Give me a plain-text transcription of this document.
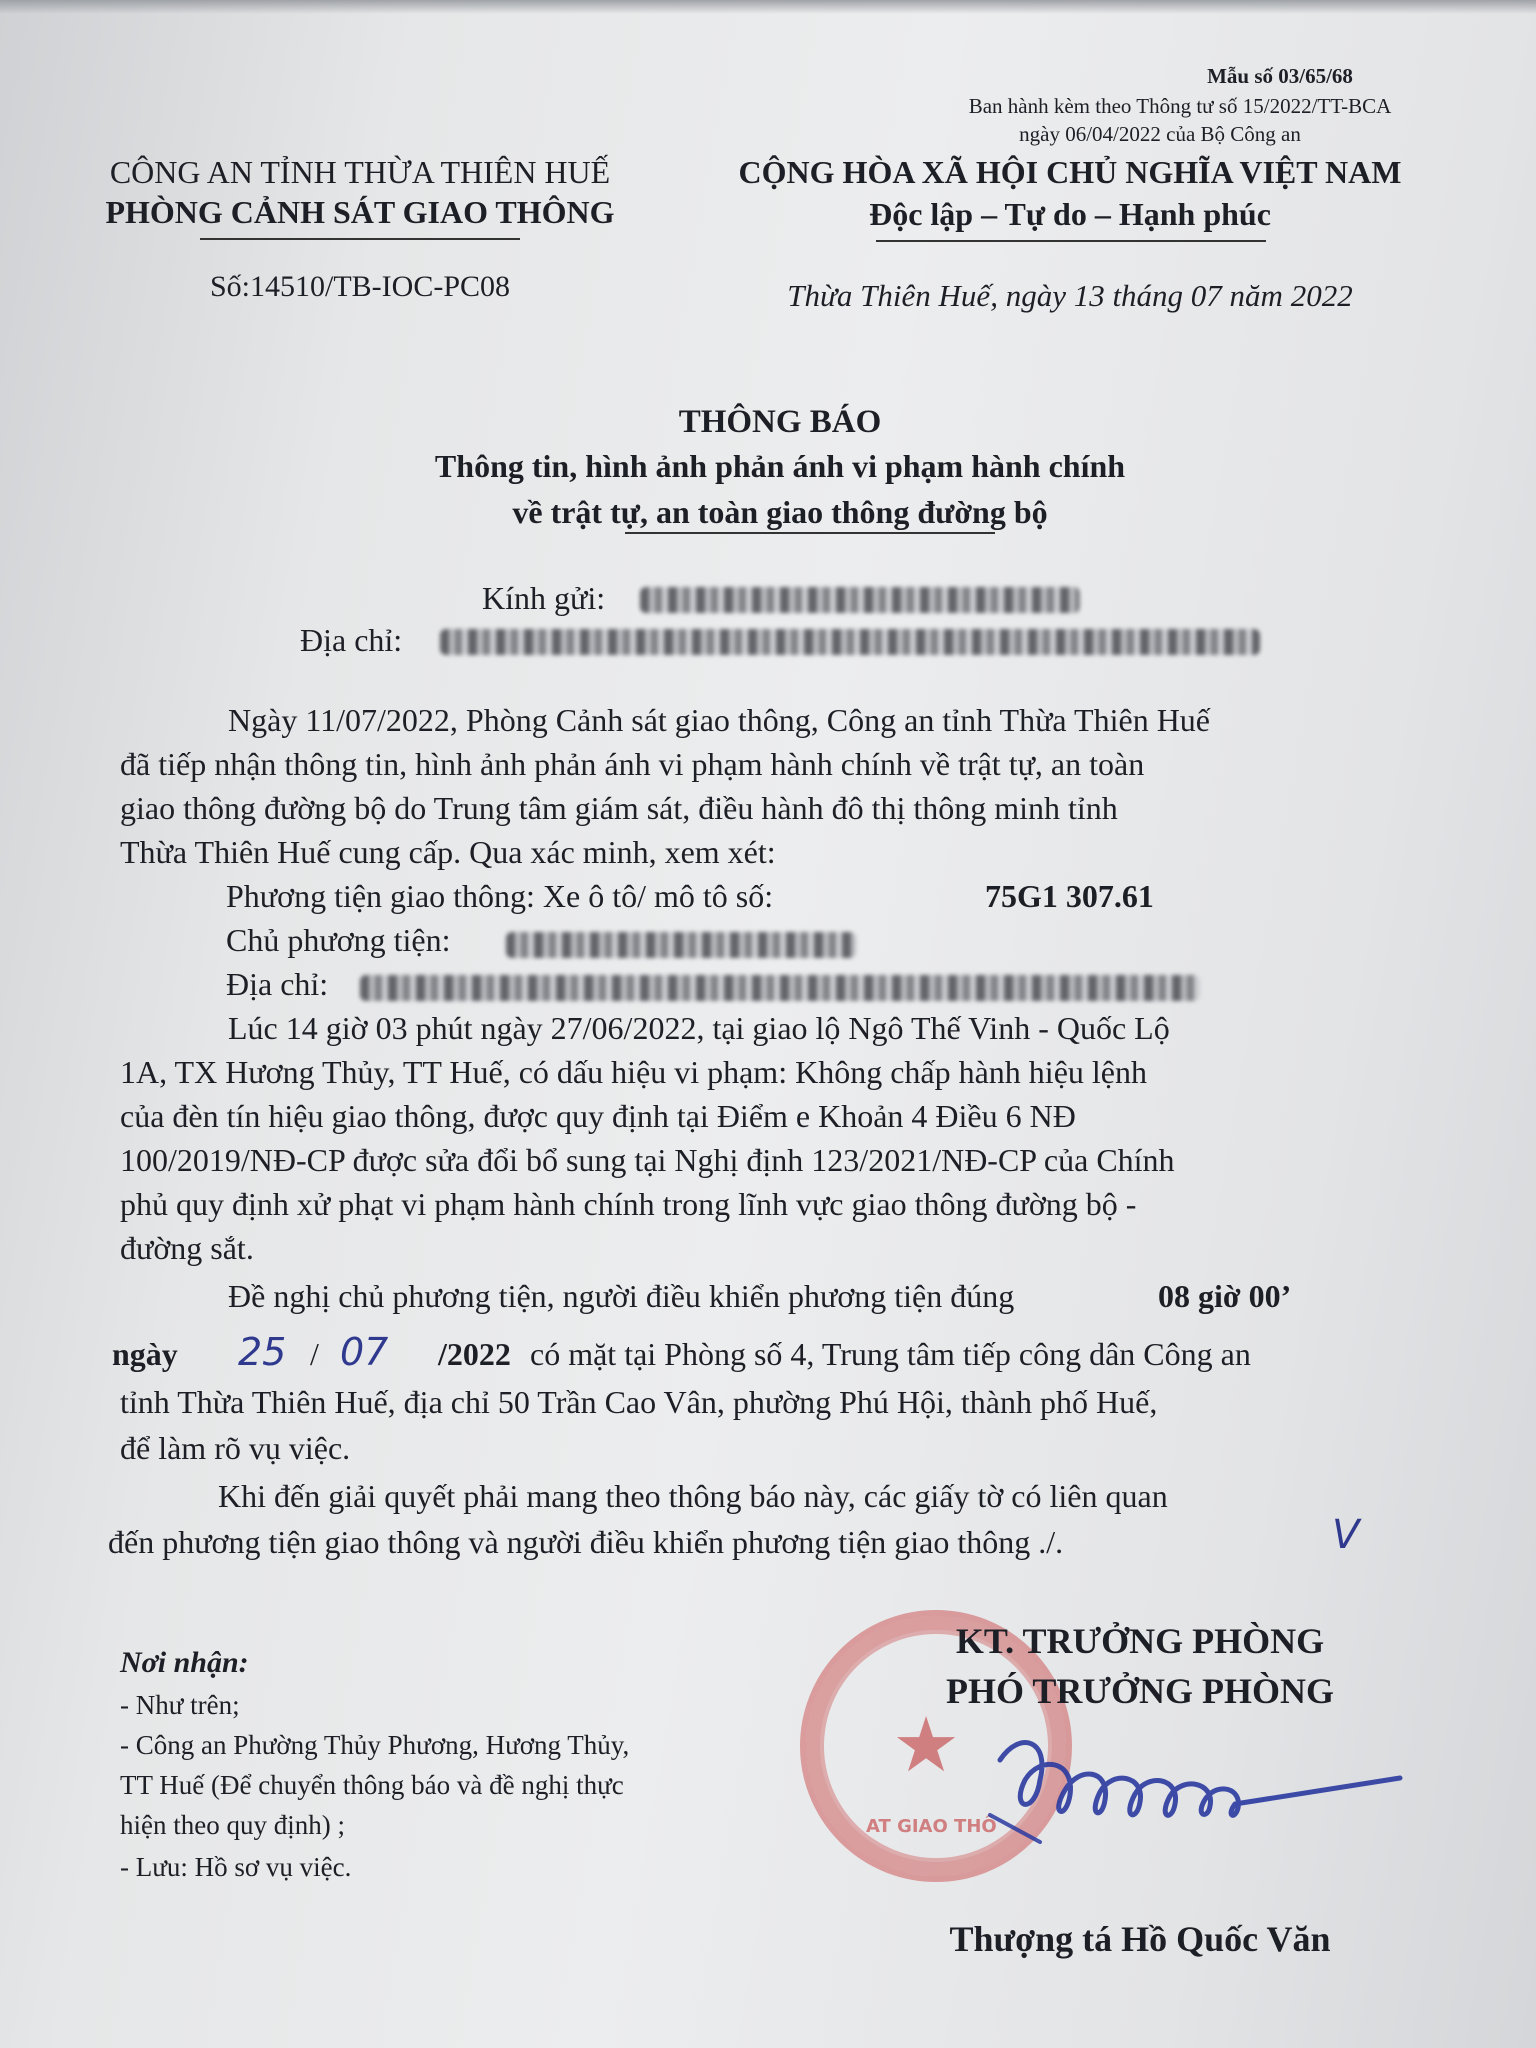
Mẫu số 03/65/68
Ban hành kèm theo Thông tư số 15/2022/TT-BCA
ngày 06/04/2022 của Bộ Công an
CÔNG AN TỈNH THỪA THIÊN HUẾ
PHÒNG CẢNH SÁT GIAO THÔNG
Số:14510/TB-IOC-PC08
CỘNG HÒA XÃ HỘI CHỦ NGHĨA VIỆT NAM
Độc lập – Tự do – Hạnh phúc
Thừa Thiên Huế, ngày 13 tháng 07 năm 2022
THÔNG BÁO
Thông tin, hình ảnh phản ánh vi phạm hành chính
về trật tự, an toàn giao thông đường bộ
Kính gửi:
Địa chỉ:
Ngày 11/07/2022, Phòng Cảnh sát giao thông, Công an tỉnh Thừa Thiên Huế
đã tiếp nhận thông tin, hình ảnh phản ánh vi phạm hành chính về trật tự, an toàn
giao thông đường bộ do Trung tâm giám sát, điều hành đô thị thông minh tỉnh
Thừa Thiên Huế cung cấp. Qua xác minh, xem xét:
Phương tiện giao thông: Xe ô tô/ mô tô số:	75G1 307.61
Chủ phương tiện:
Địa chỉ:
Lúc 14 giờ 03 phút ngày 27/06/2022, tại giao lộ Ngô Thế Vinh - Quốc Lộ
1A, TX Hương Thủy, TT Huế, có dấu hiệu vi phạm: Không chấp hành hiệu lệnh
của đèn tín hiệu giao thông, được quy định tại Điểm e Khoản 4 Điều 6 NĐ
100/2019/NĐ-CP được sửa đổi bổ sung tại Nghị định 123/2021/NĐ-CP của Chính
phủ quy định xử phạt vi phạm hành chính trong lĩnh vực giao thông đường bộ -
đường sắt.
Đề nghị chủ phương tiện, người điều khiển phương tiện đúng	08 giờ 00’
ngày 25 / 07 /2022 có mặt tại Phòng số 4, Trung tâm tiếp công dân Công an
tỉnh Thừa Thiên Huế, địa chỉ 50 Trần Cao Vân, phường Phú Hội, thành phố Huế,
để làm rõ vụ việc.
Khi đến giải quyết phải mang theo thông báo này, các giấy tờ có liên quan
đến phương tiện giao thông và người điều khiển phương tiện giao thông ./.	V
Nơi nhận:
- Như trên;
- Công an Phường Thủy Phương, Hương Thủy,
TT Huế (Để chuyển thông báo và đề nghị thực
hiện theo quy định) ;
- Lưu: Hồ sơ vụ việc.
★
AT GIAO THÔ
KT. TRƯỞNG PHÒNG
PHÓ TRƯỞNG PHÒNG
Thượng tá Hồ Quốc Văn
